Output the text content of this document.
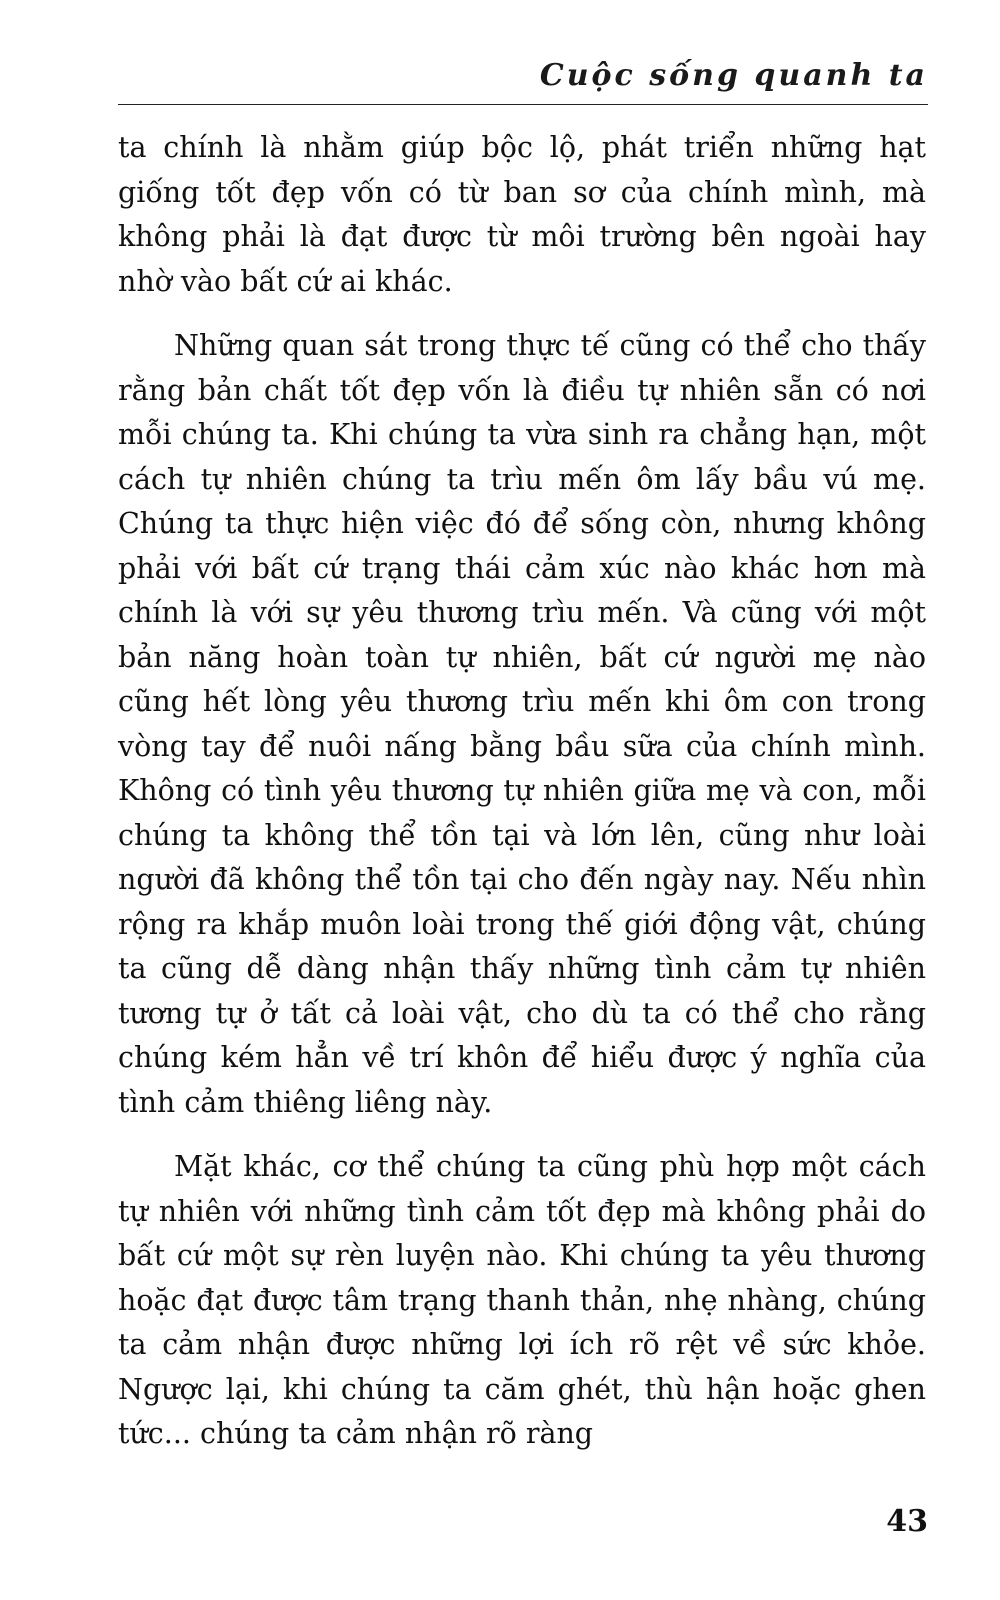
Cuộc sống quanh ta

ta chính là nhằm giúp bộc lộ, phát triển những hạt giống tốt đẹp vốn có từ ban sơ của chính mình, mà không phải là đạt được từ môi trường bên ngoài hay nhờ vào bất cứ ai khác.

Những quan sát trong thực tế cũng có thể cho thấy rằng bản chất tốt đẹp vốn là điều tự nhiên sẵn có nơi mỗi chúng ta. Khi chúng ta vừa sinh ra chẳng hạn, một cách tự nhiên chúng ta trìu mến ôm lấy bầu vú mẹ. Chúng ta thực hiện việc đó để sống còn, nhưng không phải với bất cứ trạng thái cảm xúc nào khác hơn mà chính là với sự yêu thương trìu mến. Và cũng với một bản năng hoàn toàn tự nhiên, bất cứ người mẹ nào cũng hết lòng yêu thương trìu mến khi ôm con trong vòng tay để nuôi nấng bằng bầu sữa của chính mình. Không có tình yêu thương tự nhiên giữa mẹ và con, mỗi chúng ta không thể tồn tại và lớn lên, cũng như loài người đã không thể tồn tại cho đến ngày nay. Nếu nhìn rộng ra khắp muôn loài trong thế giới động vật, chúng ta cũng dễ dàng nhận thấy những tình cảm tự nhiên tương tự ở tất cả loài vật, cho dù ta có thể cho rằng chúng kém hẳn về trí khôn để hiểu được ý nghĩa của tình cảm thiêng liêng này.

Mặt khác, cơ thể chúng ta cũng phù hợp một cách tự nhiên với những tình cảm tốt đẹp mà không phải do bất cứ một sự rèn luyện nào. Khi chúng ta yêu thương hoặc đạt được tâm trạng thanh thản, nhẹ nhàng, chúng ta cảm nhận được những lợi ích rõ rệt về sức khỏe. Ngược lại, khi chúng ta căm ghét, thù hận hoặc ghen tức... chúng ta cảm nhận rõ ràng

43
